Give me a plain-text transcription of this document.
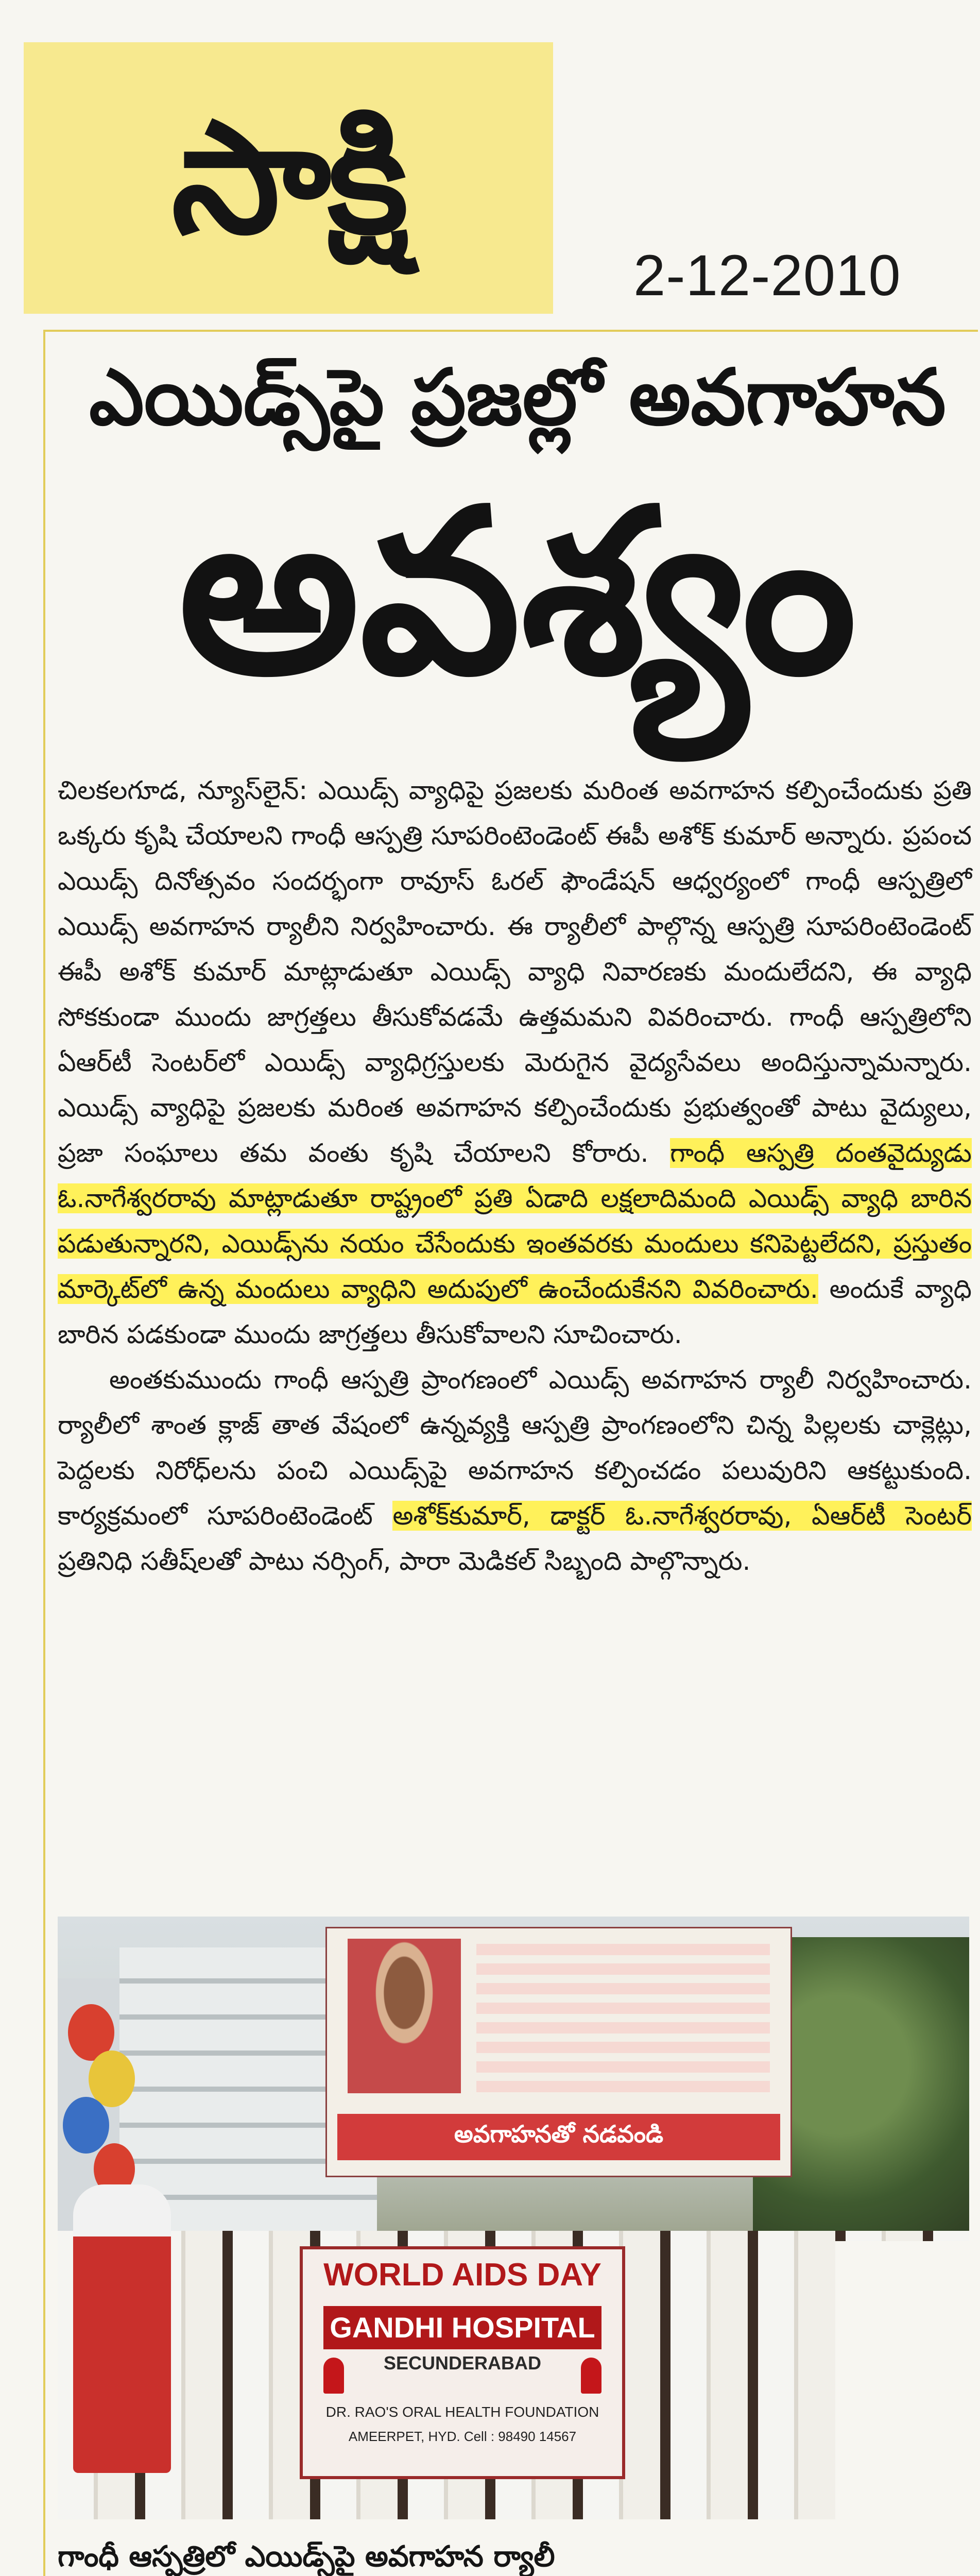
సాక్షి
2-12-2010
ఎయిడ్స్‌పై ప్రజల్లో అవగాహన
అవశ్యం

చిలకలగూడ, న్యూస్‌లైన్: ఎయిడ్స్ వ్యాధిపై ప్రజలకు మరింత అవగాహన కల్పించేందుకు ప్రతి ఒక్కరు కృషి చేయాలని గాంధీ ఆస్పత్రి సూపరింటెండెంట్ ఈపీ అశోక్ కుమార్ అన్నారు. ప్రపంచ ఎయిడ్స్ దినోత్సవం సందర్భంగా రావూస్ ఓరల్ ఫౌండేషన్ ఆధ్వర్యంలో గాంధీ ఆస్పత్రిలో ఎయిడ్స్ అవగాహన ర్యాలీని నిర్వహించారు. ఈ ర్యాలీలో పాల్గొన్న ఆస్పత్రి సూపరింటెండెంట్ ఈపీ అశోక్ కుమార్ మాట్లాడుతూ ఎయిడ్స్ వ్యాధి నివారణకు మందులేదని, ఈ వ్యాధి సోకకుండా ముందు జాగ్రత్తలు తీసుకోవడమే ఉత్తమమని వివరించారు. గాంధీ ఆస్పత్రిలోని ఏఆర్‌టీ సెంటర్‌లో ఎయిడ్స్ వ్యాధిగ్రస్తులకు మెరుగైన వైద్యసేవలు అందిస్తున్నామన్నారు. ఎయిడ్స్ వ్యాధిపై ప్రజలకు మరింత అవగాహన కల్పించేందుకు ప్రభుత్వంతో పాటు వైద్యులు, ప్రజా సంఘాలు తమ వంతు కృషి చేయాలని కోరారు. గాంధీ ఆస్పత్రి దంతవైద్యుడు ఓ.నాగేశ్వరరావు మాట్లాడుతూ రాష్ట్రంలో ప్రతి ఏడాది లక్షలాదిమంది ఎయిడ్స్ వ్యాధి బారిన పడుతున్నారని, ఎయిడ్స్‌ను నయం చేసేందుకు ఇంతవరకు మందులు కనిపెట్టలేదని, ప్రస్తుతం మార్కెట్‌లో ఉన్న మందులు వ్యాధిని అదుపులో ఉంచేందుకేనని వివరించారు. అందుకే వ్యాధి బారిన పడకుండా ముందు జాగ్రత్తలు తీసుకోవాలని సూచించారు.

అంతకుముందు గాంధీ ఆస్పత్రి ప్రాంగణంలో ఎయిడ్స్ అవగాహన ర్యాలీ నిర్వహించారు. ర్యాలీలో శాంత క్లాజ్ తాత వేషంలో ఉన్నవ్యక్తి ఆస్పత్రి ప్రాంగణంలోని చిన్న పిల్లలకు చాక్లెట్లు, పెద్దలకు నిరోధ్‌లను పంచి ఎయిడ్స్‌పై అవగాహన కల్పించడం పలువురిని ఆకట్టుకుంది. కార్యక్రమంలో సూపరింటెండెంట్ అశోక్‌కుమార్, డాక్టర్ ఓ.నాగేశ్వరరావు, ఏఆర్‌టీ సెంటర్ ప్రతినిధి సతీష్‌లతో పాటు నర్సింగ్, పారా మెడికల్ సిబ్బంది పాల్గొన్నారు.

అవగాహనతో నడవండి
WORLD AIDS DAY
GANDHI HOSPITAL
SECUNDERABAD
DR. RAO'S ORAL HEALTH FOUNDATION
AMEERPET, HYD. Cell : 98490 14567
గాంధీ ఆస్పత్రిలో ఎయిడ్స్‌పై అవగాహన ర్యాలీ
